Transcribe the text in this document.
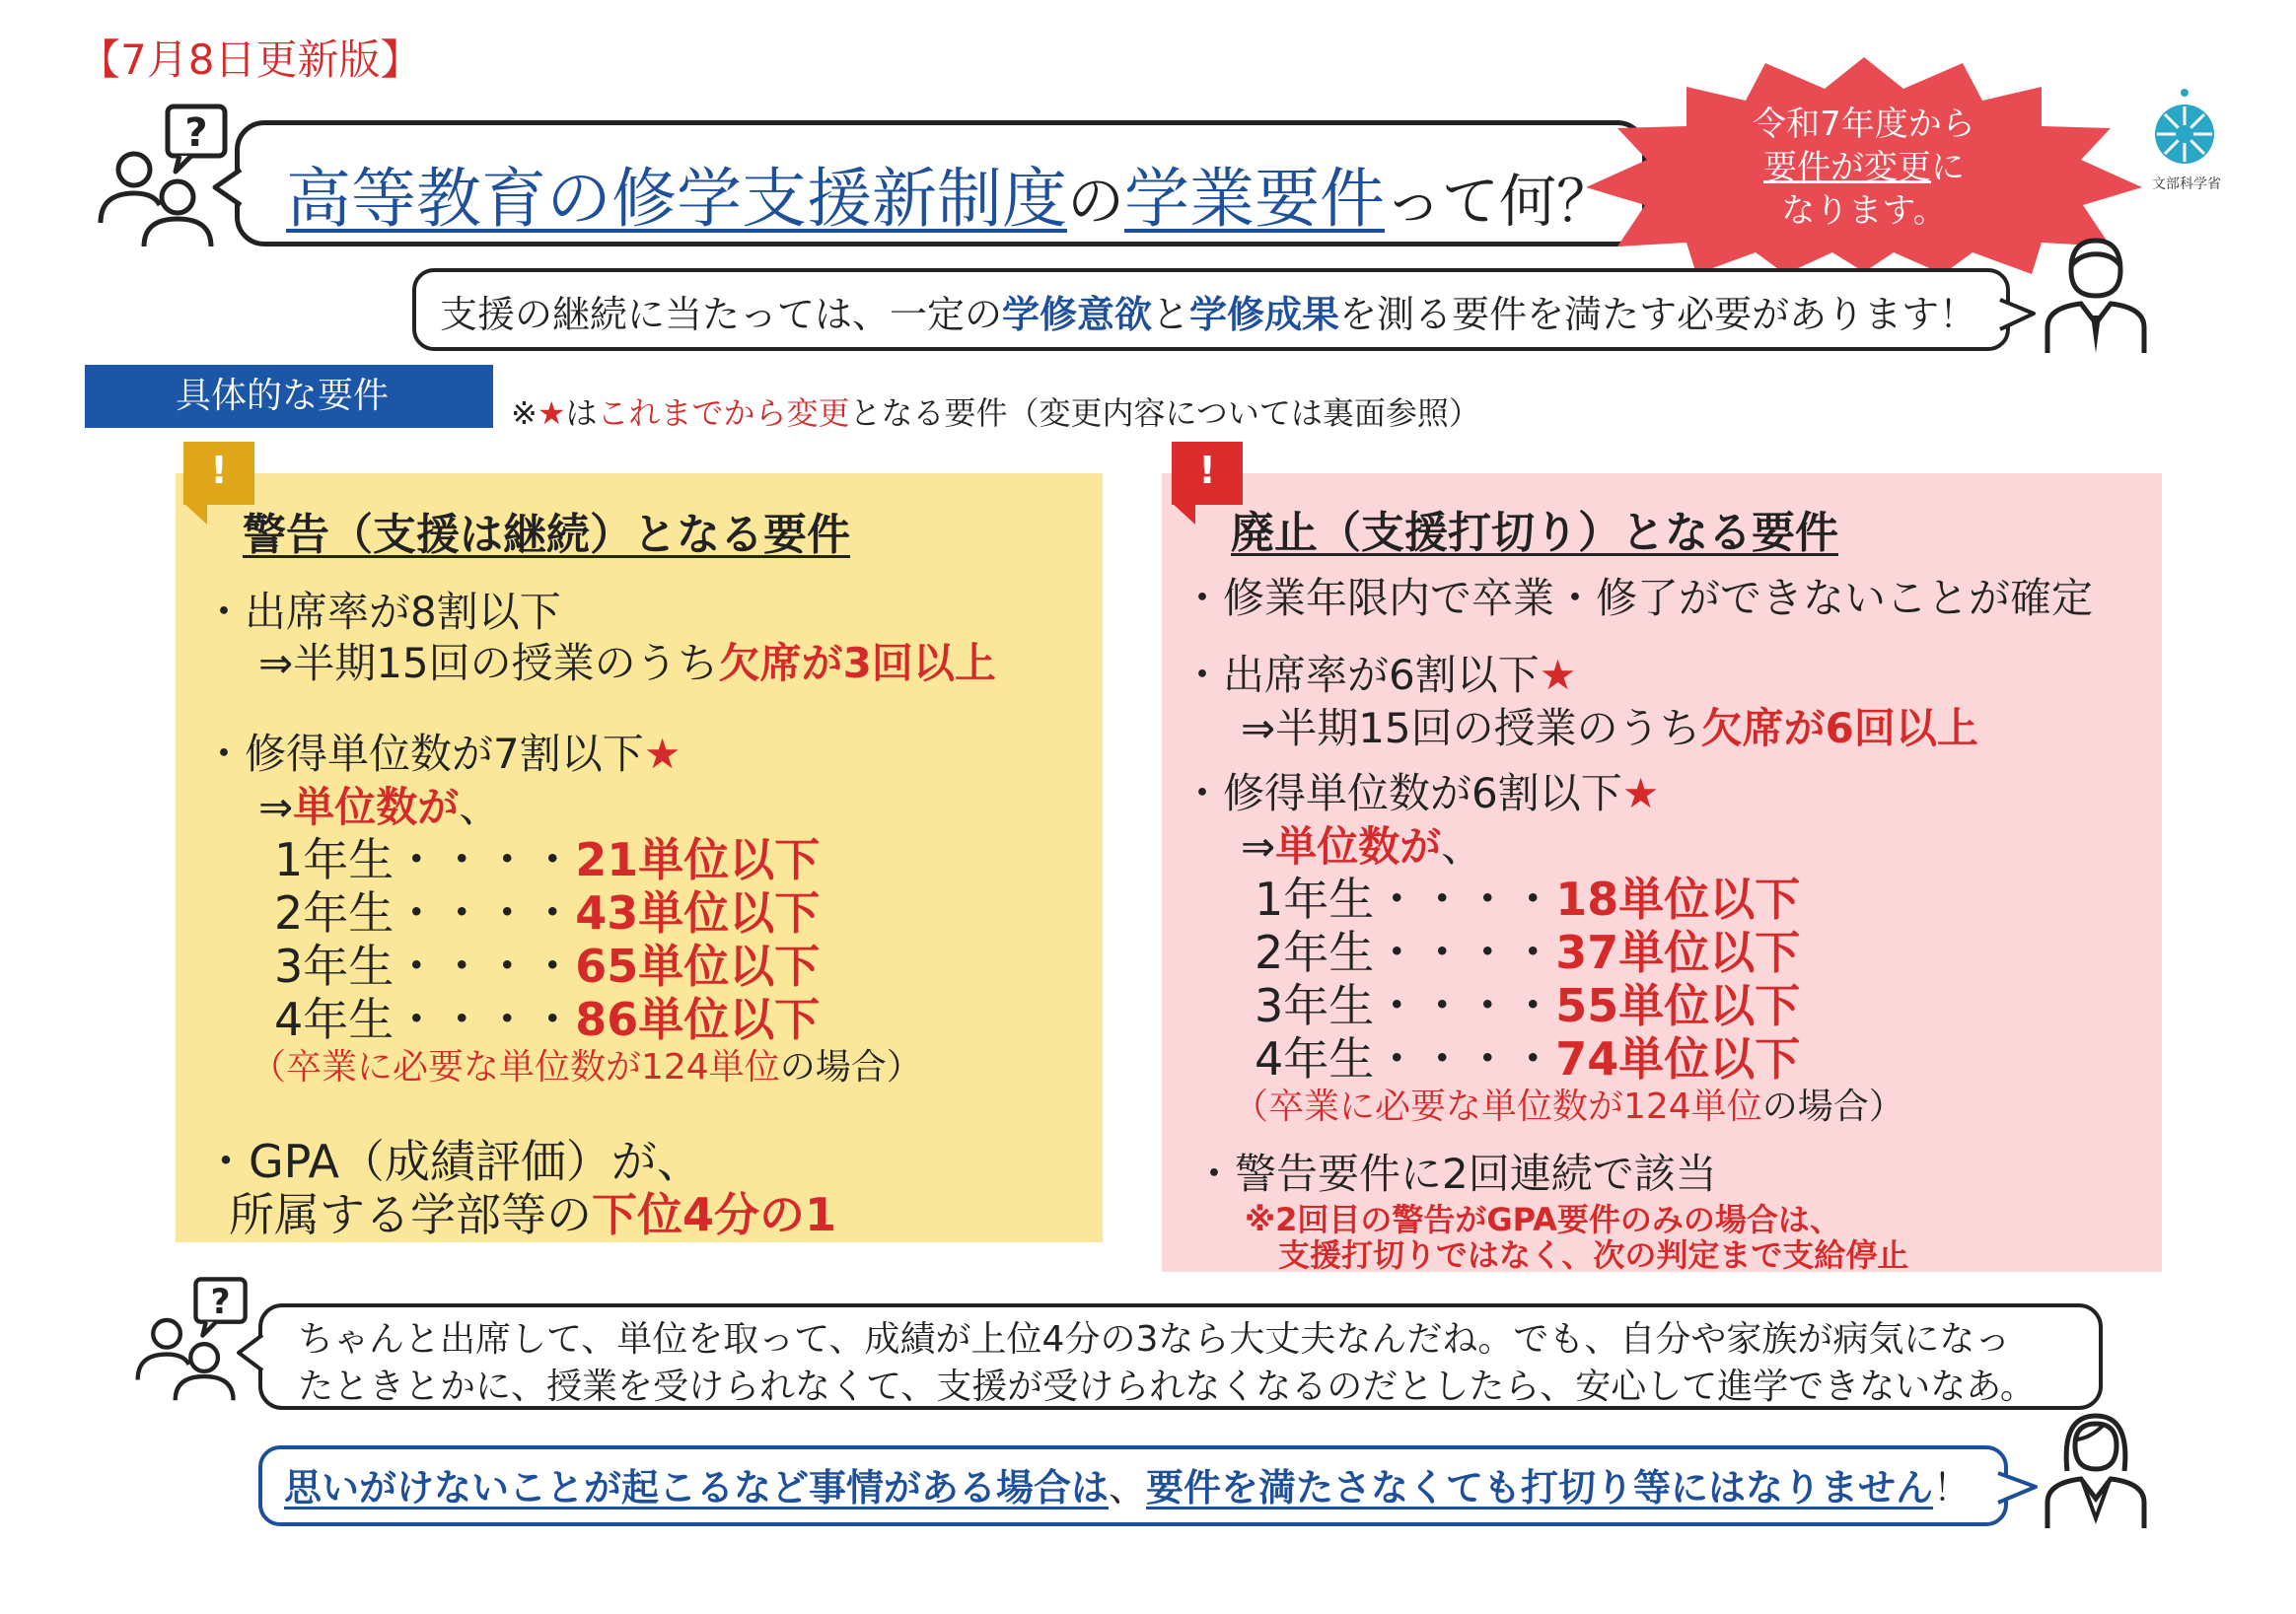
【7月8日更新版】
?
高等教育の修学支援新制度の学業要件って何？
令和7年度から
要件が変更に
なります。
文部科学省
支援の継続に当たっては、一定の学修意欲と学修成果を測る要件を満たす必要があります！
具体的な要件	※★はこれまでから変更となる要件（変更内容については裏面参照）
!
警告（支援は継続）となる要件
・出席率が8割以下
⇒半期15回の授業のうち欠席が3回以上
・修得単位数が7割以下★
⇒単位数が、
1年生・・・・21単位以下
2年生・・・・43単位以下
3年生・・・・65単位以下
4年生・・・・86単位以下
（卒業に必要な単位数が124単位の場合）
・GPA（成績評価）が、
所属する学部等の下位4分の1
!
廃止（支援打切り）となる要件
・修業年限内で卒業・修了ができないことが確定
・出席率が6割以下★
⇒半期15回の授業のうち欠席が6回以上
・修得単位数が6割以下★
⇒単位数が、
1年生・・・・18単位以下
2年生・・・・37単位以下
3年生・・・・55単位以下
4年生・・・・74単位以下
（卒業に必要な単位数が124単位の場合）
・警告要件に2回連続で該当
※2回目の警告がGPA要件のみの場合は、
支援打切りではなく、次の判定まで支給停止
?
ちゃんと出席して、単位を取って、成績が上位4分の3なら大丈夫なんだね。でも、自分や家族が病気になっ
たときとかに、授業を受けられなくて、支援が受けられなくなるのだとしたら、安心して進学できないなあ。
思いがけないことが起こるなど事情がある場合は、要件を満たさなくても打切り等にはなりません！
